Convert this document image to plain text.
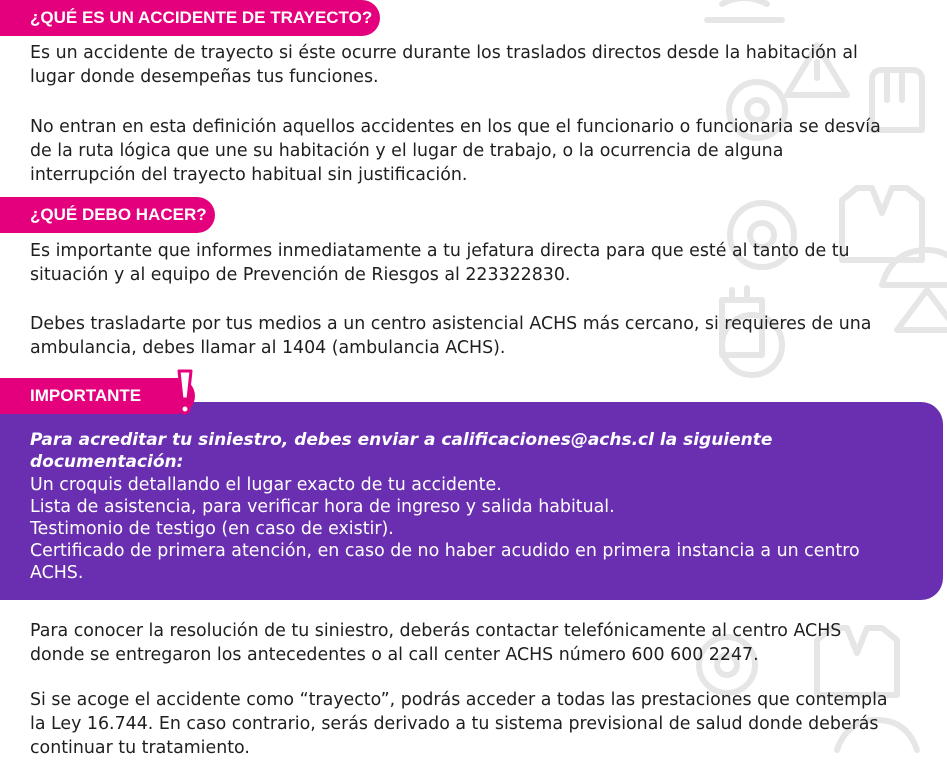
¿QUÉ ES UN ACCIDENTE DE TRAYECTO?

Es un accidente de trayecto si éste ocurre durante los traslados directos desde la habitación al
lugar donde desempeñas tus funciones.

No entran en esta definición aquellos accidentes en los que el funcionario o funcionaria se desvía
de la ruta lógica que une su habitación y el lugar de trabajo, o la ocurrencia de alguna
interrupción del trayecto habitual sin justificación.

¿QUÉ DEBO HACER?

Es importante que informes inmediatamente a tu jefatura directa para que esté al tanto de tu
situación y al equipo de Prevención de Riesgos al 223322830.

Debes trasladarte por tus medios a un centro asistencial ACHS más cercano, si requieres de una
ambulancia, debes llamar al 1404 (ambulancia ACHS).

Para acreditar tu siniestro, debes enviar a calificaciones@achs.cl la siguiente documentación:

Un croquis detallando el lugar exacto de tu accidente.
Lista de asistencia, para verificar hora de ingreso y salida habitual.
Testimonio de testigo (en caso de existir).
Certificado de primera atención, en caso de no haber acudido en primera instancia a un centro
ACHS.
IMPORTANTE

Para conocer la resolución de tu siniestro, deberás contactar telefónicamente al centro ACHS
donde se entregaron los antecedentes o al call center ACHS número 600 600 2247.

Si se acoge el accidente como “trayecto”, podrás acceder a todas las prestaciones que contempla
la Ley 16.744. En caso contrario, serás derivado a tu sistema previsional de salud donde deberás
continuar tu tratamiento.
